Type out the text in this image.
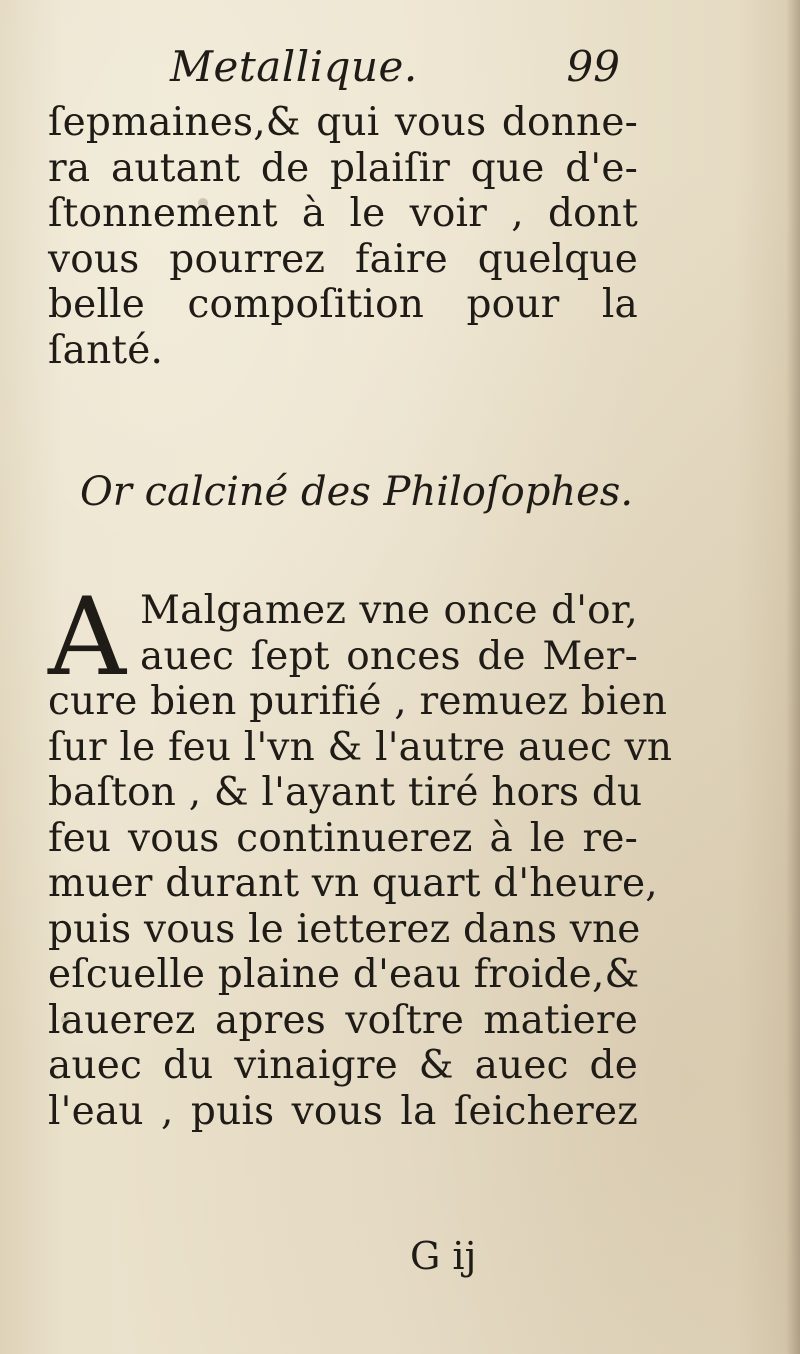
Metallique.	99
ſepmaines,& qui vous donne-
ra autant de plaiſir que d'e-
ſtonnement à le voir , dont
vous pourrez faire quelque
belle compoſition pour la
ſanté.
Or calciné des Philoſophes.
A Malgamez vne once d'or,
auec ſept onces de Mer-
cure bien purifié , remuez bien
ſur le feu l'vn & l'autre auec vn
baſton , & l'ayant tiré hors du
feu vous continuerez à le re-
muer durant vn quart d'heure,
puis vous le ietterez dans vne
eſcuelle plaine d'eau froide,&
lauerez apres voſtre matiere
auec du vinaigre & auec de
l'eau , puis vous la ſeicherez
G ij
